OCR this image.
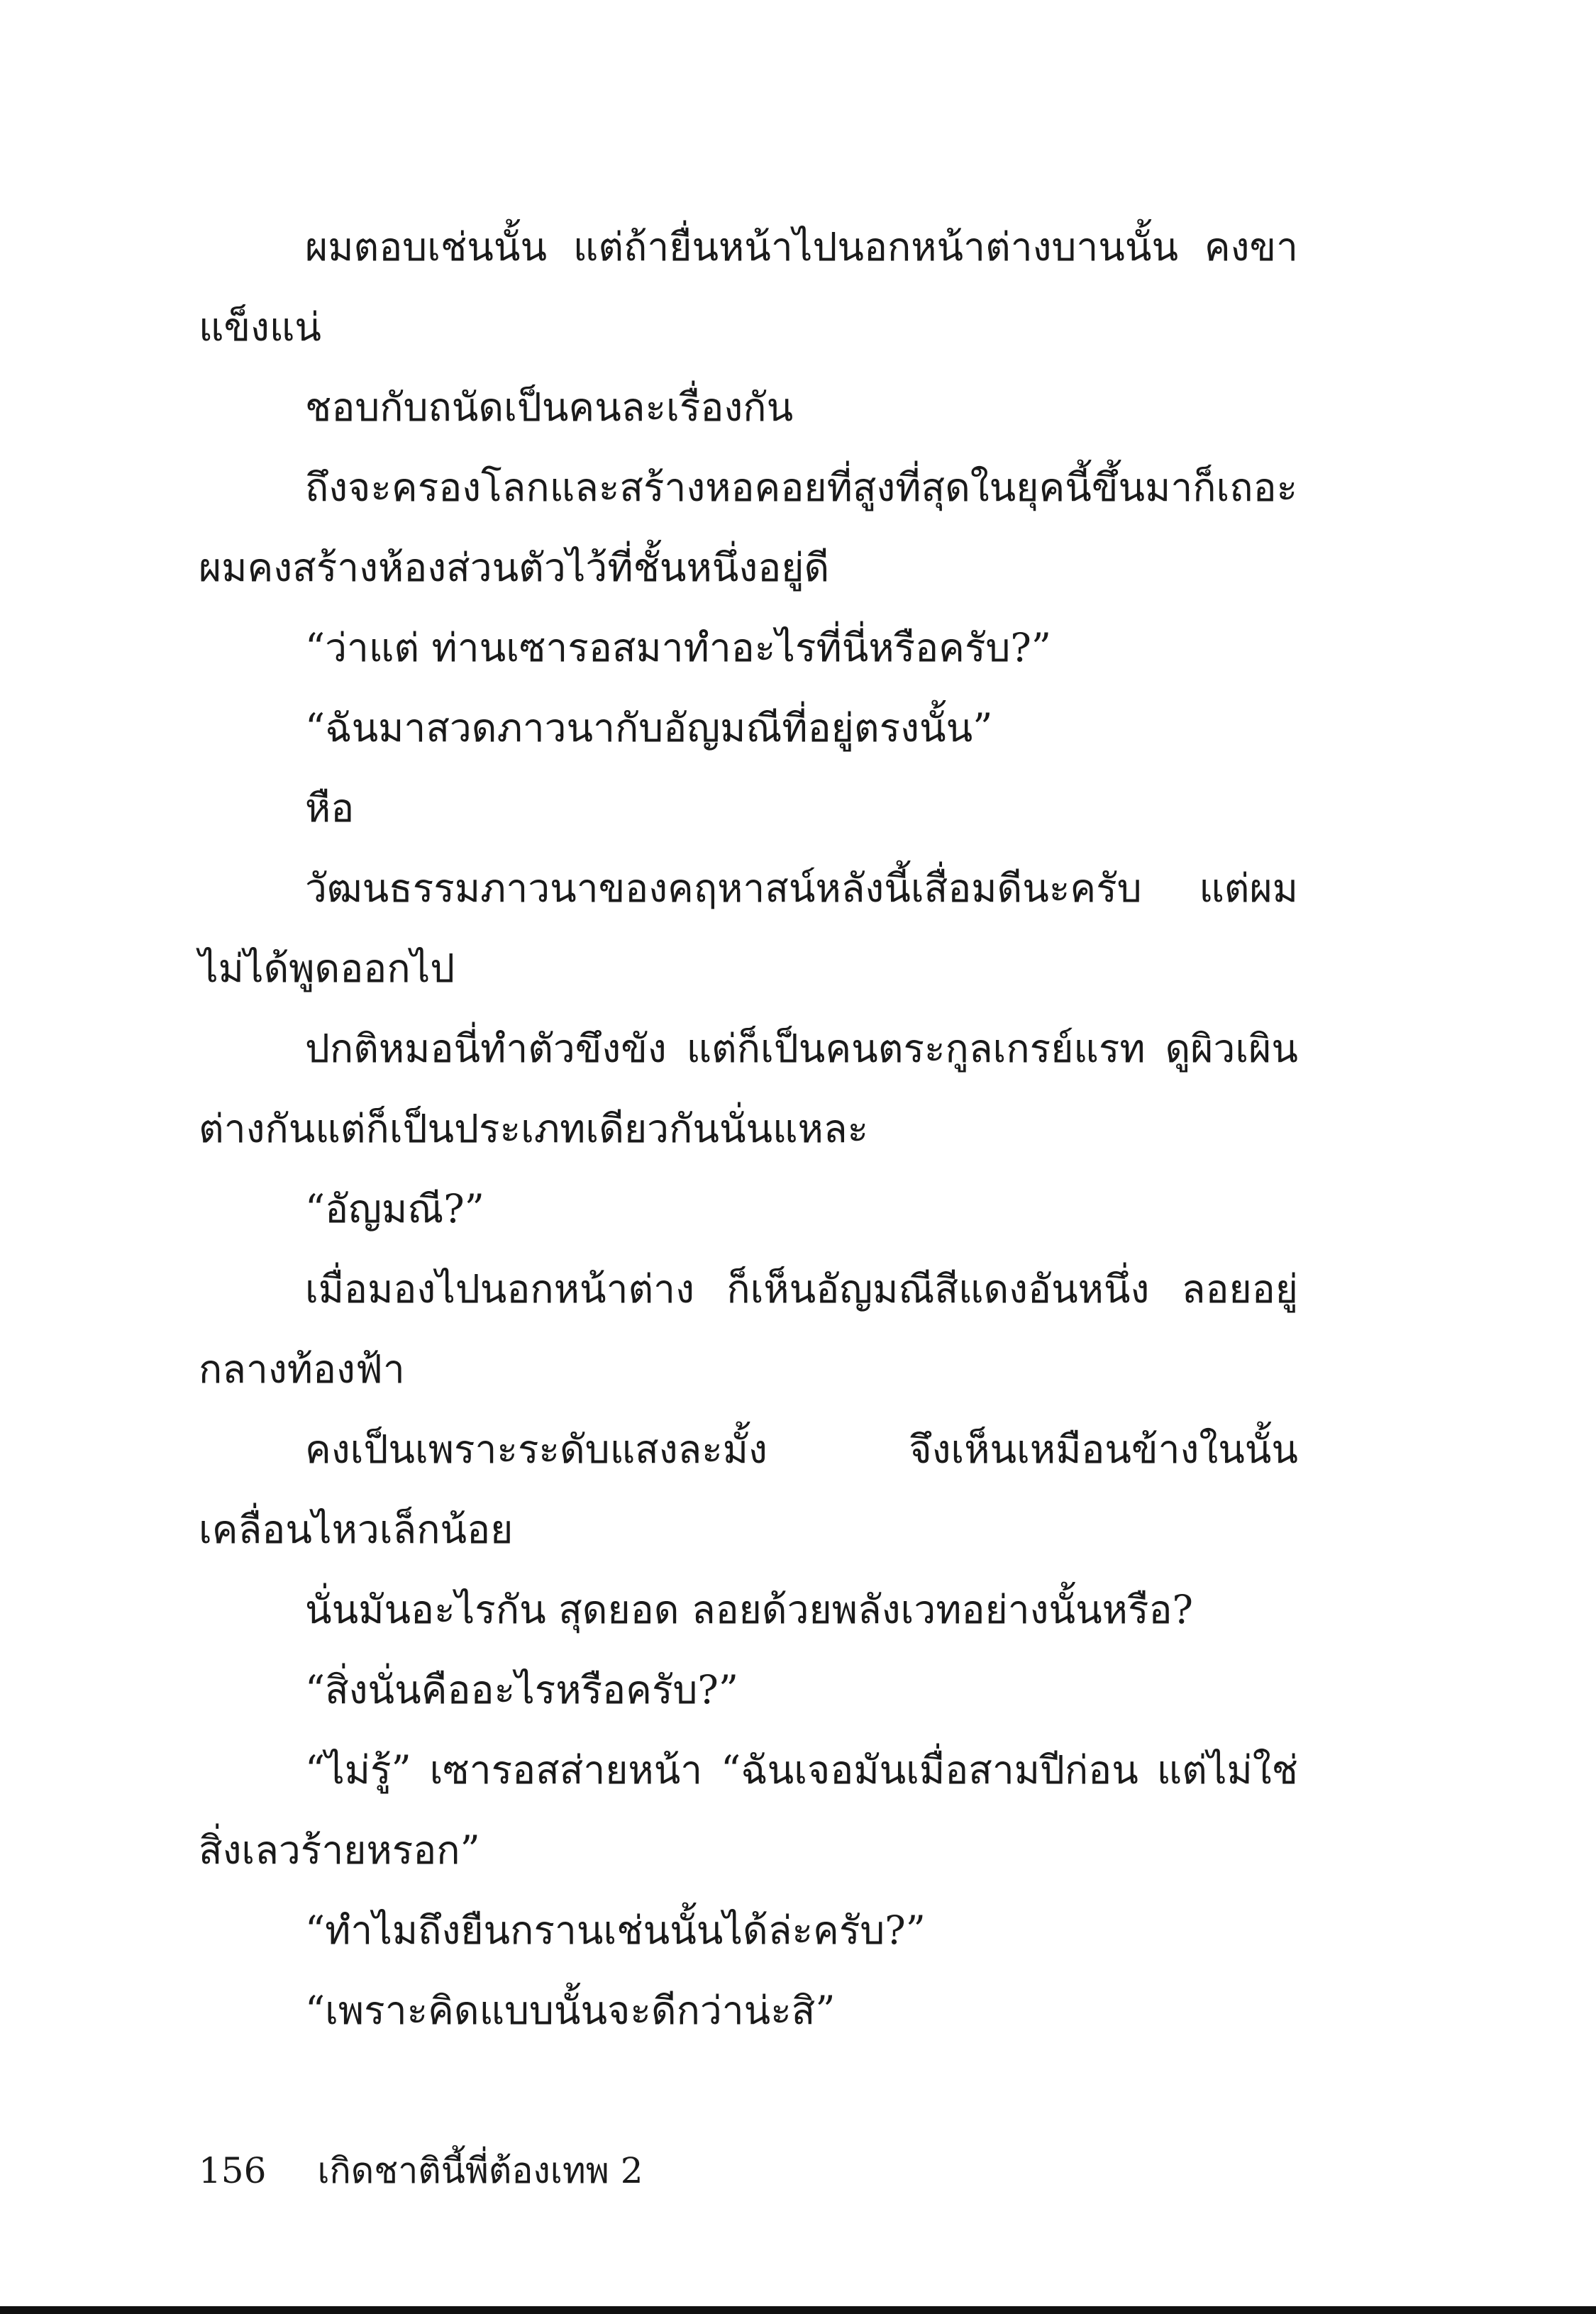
ผมตอบเช่นนั้น แต่ถ้ายื่นหน้าไปนอกหน้าต่างบานนั้น คงขาแข็งแน่

ชอบกับถนัดเป็นคนละเรื่องกัน

ถึงจะครองโลกและสร้างหอคอยที่สูงที่สุดในยุคนี้ขึ้นมาก็เถอะ ผมคงสร้างห้องส่วนตัวไว้ที่ชั้นหนึ่งอยู่ดี

“ว่าแต่ ท่านเซารอสมาทำอะไรที่นี่หรือครับ?”

“ฉันมาสวดภาวนากับอัญมณีที่อยู่ตรงนั้น”

หือ

วัฒนธรรมภาวนาของคฤหาสน์หลังนี้เสื่อมดีนะครับ แต่ผมไม่ได้พูดออกไป

ปกติหมอนี่ทำตัวขึงขัง แต่ก็เป็นคนตระกูลเกรย์แรท ดูผิวเผินต่างกันแต่ก็เป็นประเภทเดียวกันนั่นแหละ

“อัญมณี?”

เมื่อมองไปนอกหน้าต่าง ก็เห็นอัญมณีสีแดงอันหนึ่ง ลอยอยู่กลางท้องฟ้า

คงเป็นเพราะระดับแสงละมั้ง จึงเห็นเหมือนข้างในนั้นเคลื่อนไหวเล็กน้อย

นั่นมันอะไรกัน สุดยอด ลอยด้วยพลังเวทอย่างนั้นหรือ?

“สิ่งนั่นคืออะไรหรือครับ?”

“ไม่รู้” เซารอสส่ายหน้า “ฉันเจอมันเมื่อสามปีก่อน แต่ไม่ใช่สิ่งเลวร้ายหรอก”

“ทำไมถึงยืนกรานเช่นนั้นได้ล่ะครับ?”

“เพราะคิดแบบนั้นจะดีกว่าน่ะสิ”

156 เกิดชาตินี้พี่ต้องเทพ 2
